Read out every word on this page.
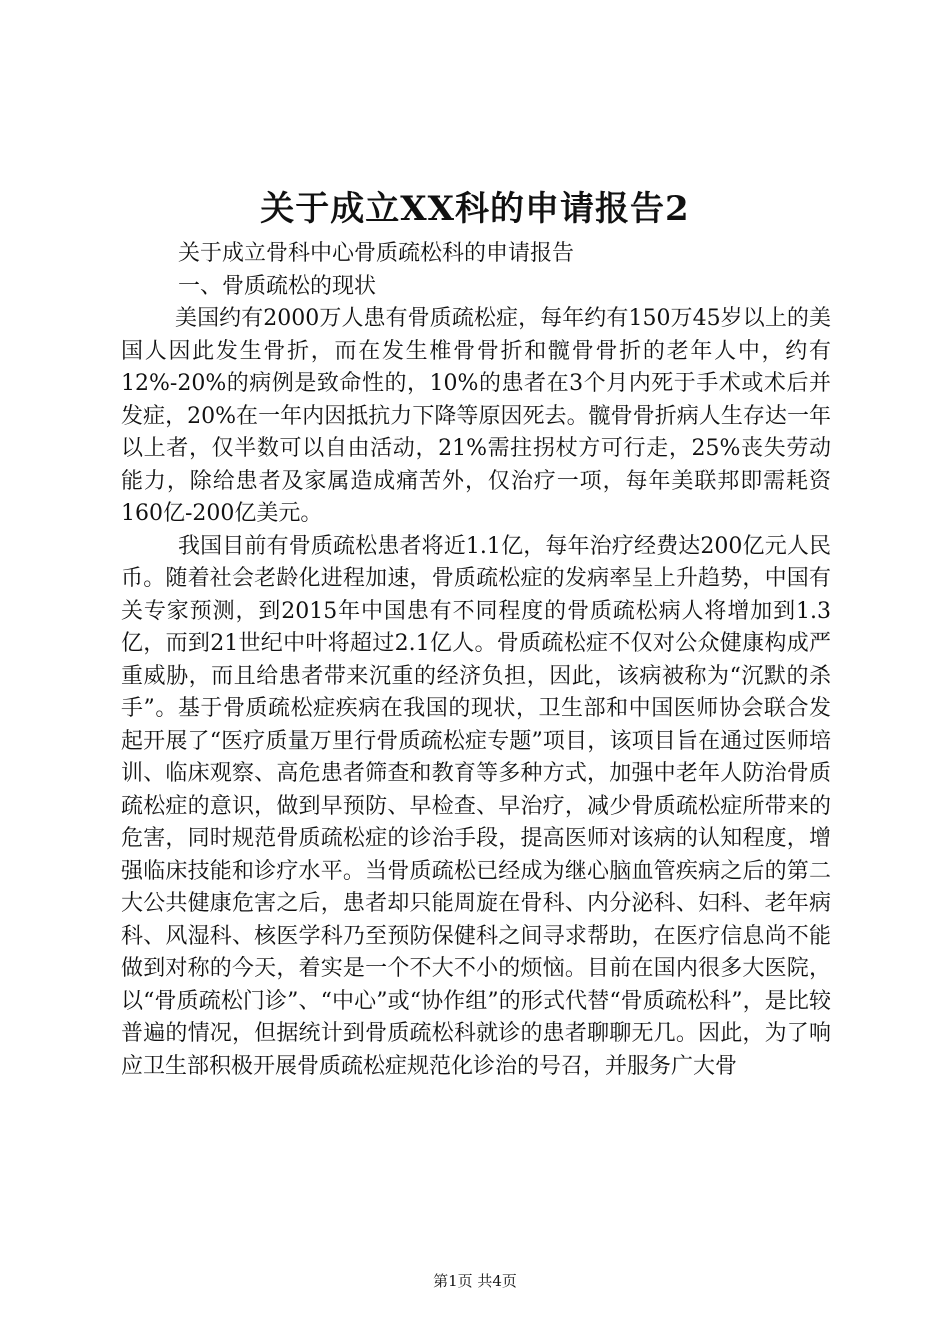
关于成立XX科的申请报告2

关于成立骨科中心骨质疏松科的申请报告

一、骨质疏松的现状

美国约有2000万人患有骨质疏松症，每年约有150万45岁以上的美国人因此发生骨折，而在发生椎骨骨折和髋骨骨折的老年人中，约有12%-20%的病例是致命性的，10%的患者在3个月内死于手术或术后并发症，20%在一年内因抵抗力下降等原因死去。髋骨骨折病人生存达一年以上者，仅半数可以自由活动，21%需拄拐杖方可行走，25%丧失劳动能力，除给患者及家属造成痛苦外，仅治疗一项，每年美联邦即需耗资160亿-200亿美元。

我国目前有骨质疏松患者将近1.1亿，每年治疗经费达200亿元人民币。随着社会老龄化进程加速，骨质疏松症的发病率呈上升趋势，中国有关专家预测，到2015年中国患有不同程度的骨质疏松病人将增加到1.3亿，而到21世纪中叶将超过2.1亿人。骨质疏松症不仅对公众健康构成严重威胁，而且给患者带来沉重的经济负担，因此，该病被称为“沉默的杀手”。基于骨质疏松症疾病在我国的现状，卫生部和中国医师协会联合发起开展了“医疗质量万里行骨质疏松症专题”项目，该项目旨在通过医师培训、临床观察、高危患者筛查和教育等多种方式，加强中老年人防治骨质疏松症的意识，做到早预防、早检查、早治疗，减少骨质疏松症所带来的危害，同时规范骨质疏松症的诊治手段，提高医师对该病的认知程度，增强临床技能和诊疗水平。当骨质疏松已经成为继心脑血管疾病之后的第二大公共健康危害之后，患者却只能周旋在骨科、内分泌科、妇科、老年病科、风湿科、核医学科乃至预防保健科之间寻求帮助，在医疗信息尚不能做到对称的今天，着实是一个不大不小的烦恼。目前在国内很多大医院，以“骨质疏松门诊”、“中心”或“协作组”的形式代替“骨质疏松科”，是比较普遍的情况，但据统计到骨质疏松科就诊的患者聊聊无几。因此，为了响应卫生部积极开展骨质疏松症规范化诊治的号召，并服务广大骨

第1页 共4页
